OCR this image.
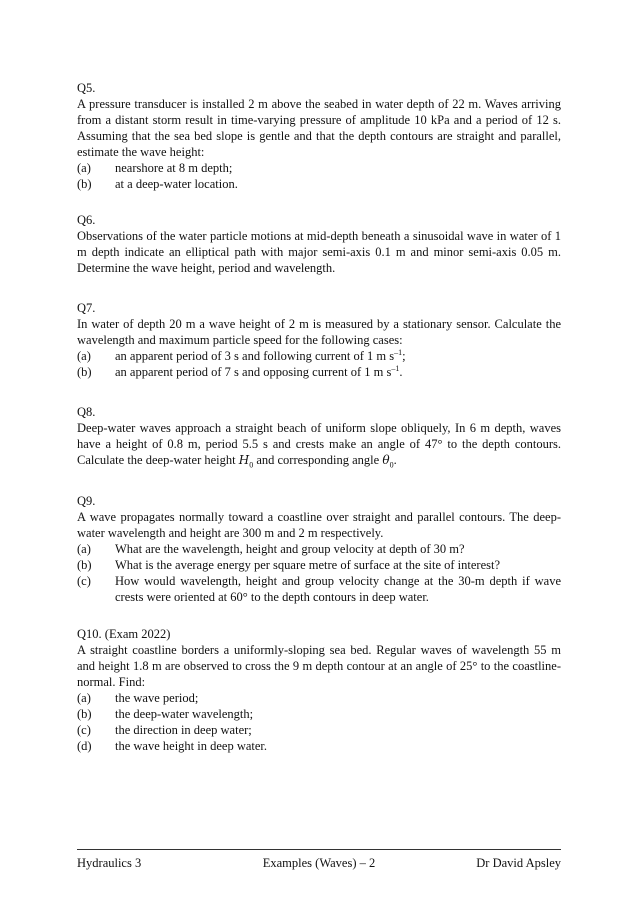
Q5.

A pressure transducer is installed 2 m above the seabed in water depth of 22 m. Waves arriving from a distant storm result in time-varying pressure of amplitude 10 kPa and a period of 12 s. Assuming that the sea bed slope is gentle and that the depth contours are straight and parallel, estimate the wave height:

(a)	nearshore at 8 m depth;
(b)	at a deep-water location.

Q6.

Observations of the water particle motions at mid-depth beneath a sinusoidal wave in water of 1 m depth indicate an elliptical path with major semi-axis 0.1 m and minor semi-axis 0.05 m. Determine the wave height, period and wavelength.

Q7.

In water of depth 20 m a wave height of 2 m is measured by a stationary sensor. Calculate the wavelength and maximum particle speed for the following cases:

(a)	an apparent period of 3 s and following current of 1 m $s^{-1}$;
(b)	an apparent period of 7 s and opposing current of 1 m $s^{-1}$.

Q8.

Deep-water waves approach a straight beach of uniform slope obliquely, In 6 m depth, waves have a height of 0.8 m, period 5.5 s and crests make an angle of 47° to the depth contours. Calculate the deep-water height $H_0$ and corresponding angle $\theta_0$.

Q9.

A wave propagates normally toward a coastline over straight and parallel contours. The deep-water wavelength and height are 300 m and 2 m respectively.

(a)	What are the wavelength, height and group velocity at depth of 30 m?
(b)	What is the average energy per square metre of surface at the site of interest?
(c)	How would wavelength, height and group velocity change at the 30-m depth if wave crests were oriented at 60° to the depth contours in deep water.

Q10. (Exam 2022)

A straight coastline borders a uniformly-sloping sea bed. Regular waves of wavelength 55 m and height 1.8 m are observed to cross the 9 m depth contour at an angle of 25° to the coastline-normal. Find:

(a)	the wave period;
(b)	the deep-water wavelength;
(c)	the direction in deep water;
(d)	the wave height in deep water.
Hydraulics 3	Examples (Waves) – 2	Dr David Apsley
